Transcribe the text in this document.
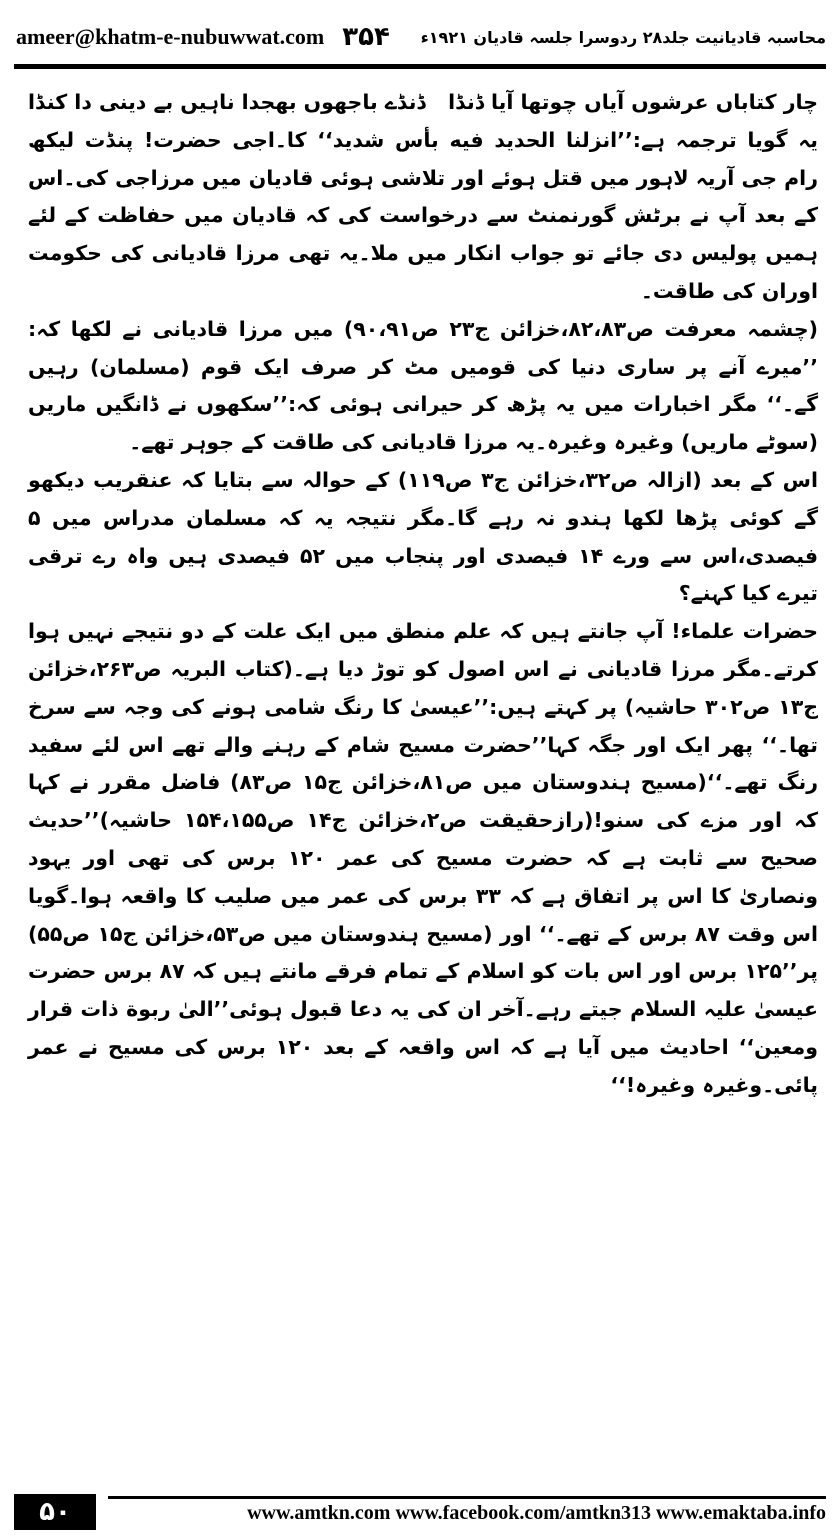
ameer@khatm-e-nubuwwat.com ۳۵۴	محاسبہ قادیانیت جلد۲۸ ردوسرا جلسہ قادیان ۱۹۲۱ء
چار کتاباں عرشوں آیاں چوتھا آیا ڈنڈا
ڈنڈے باجھوں بھجدا ناہیں بے دینی دا کنڈا

یہ گویا ترجمہ ہے:’’انزلنا الحدید فیه بأس شدید‘‘ کا۔اجی حضرت! پنڈت لیکھ رام جی آریہ لاہور میں قتل ہوئے اور تلاشی ہوئی قادیان میں مرزاجی کی۔اس کے بعد آپ نے برٹش گورنمنٹ سے درخواست کی کہ قادیان میں حفاظت کے لئے ہمیں پولیس دی جائے تو جواب انکار میں ملا۔یہ تھی مرزا قادیانی کی حکومت اوران کی طاقت۔

(چشمہ معرفت ص۸۲،۸۳،خزائن ج۲۳ ص۹۰،۹۱) میں مرزا قادیانی نے لکھا کہ: ’’میرے آنے پر ساری دنیا کی قومیں مٹ کر صرف ایک قوم (مسلمان) رہیں گے۔‘‘ مگر اخبارات میں یہ پڑھ کر حیرانی ہوئی کہ:’’سکھوں نے ڈانگیں ماریں (سوٹے ماریں) وغیرہ وغیرہ۔یہ مرزا قادیانی کی طاقت کے جوہر تھے۔

اس کے بعد (ازالہ ص۳۲،خزائن ج۳ ص۱۱۹) کے حوالہ سے بتایا کہ عنقریب دیکھو گے کوئی پڑھا لکھا ہندو نہ رہے گا۔مگر نتیجہ یہ کہ مسلمان مدراس میں ۵ فیصدی،اس سے ورے ۱۴ فیصدی اور پنجاب میں ۵۲ فیصدی ہیں واہ رے ترقی تیرے کیا کہنے؟

حضرات علماء! آپ جانتے ہیں کہ علم منطق میں ایک علت کے دو نتیجے نہیں ہوا کرتے۔مگر مرزا قادیانی نے اس اصول کو توڑ دیا ہے۔(کتاب البریہ ص۲۶۳،خزائن ج۱۳ ص۳۰۲ حاشیہ) پر کہتے ہیں:’’عیسیٰ کا رنگ شامی ہونے کی وجہ سے سرخ تھا۔‘‘ پھر ایک اور جگہ کہا’’حضرت مسیح شام کے رہنے والے تھے اس لئے سفید رنگ تھے۔‘‘(مسیح ہندوستان میں ص۸۱،خزائن ج۱۵ ص۸۳) فاضل مقرر نے کہا کہ اور مزے کی سنو!(رازحقیقت ص۲،خزائن ج۱۴ ص۱۵۴،۱۵۵ حاشیہ)’’حدیث صحیح سے ثابت ہے کہ حضرت مسیح کی عمر ۱۲۰ برس کی تھی اور یہود ونصاریٰ کا اس پر اتفاق ہے کہ ۳۳ برس کی عمر میں صلیب کا واقعہ ہوا۔گویا اس وقت ۸۷ برس کے تھے۔‘‘ اور (مسیح ہندوستان میں ص۵۳،خزائن ج۱۵ ص۵۵) پر’’۱۲۵ برس اور اس بات کو اسلام کے تمام فرقے مانتے ہیں کہ ۸۷ برس حضرت عیسیٰ علیہ السلام جیتے رہے۔آخر ان کی یہ دعا قبول ہوئی’’الیٰ ربوة ذات قرار ومعین‘‘ احادیث میں آیا ہے کہ اس واقعہ کے بعد ۱۲۰ برس کی مسیح نے عمر پائی۔وغیرہ وغیرہ!‘‘

۵۰	www.amtkn.com www.facebook.com/amtkn313 www.emaktaba.info
